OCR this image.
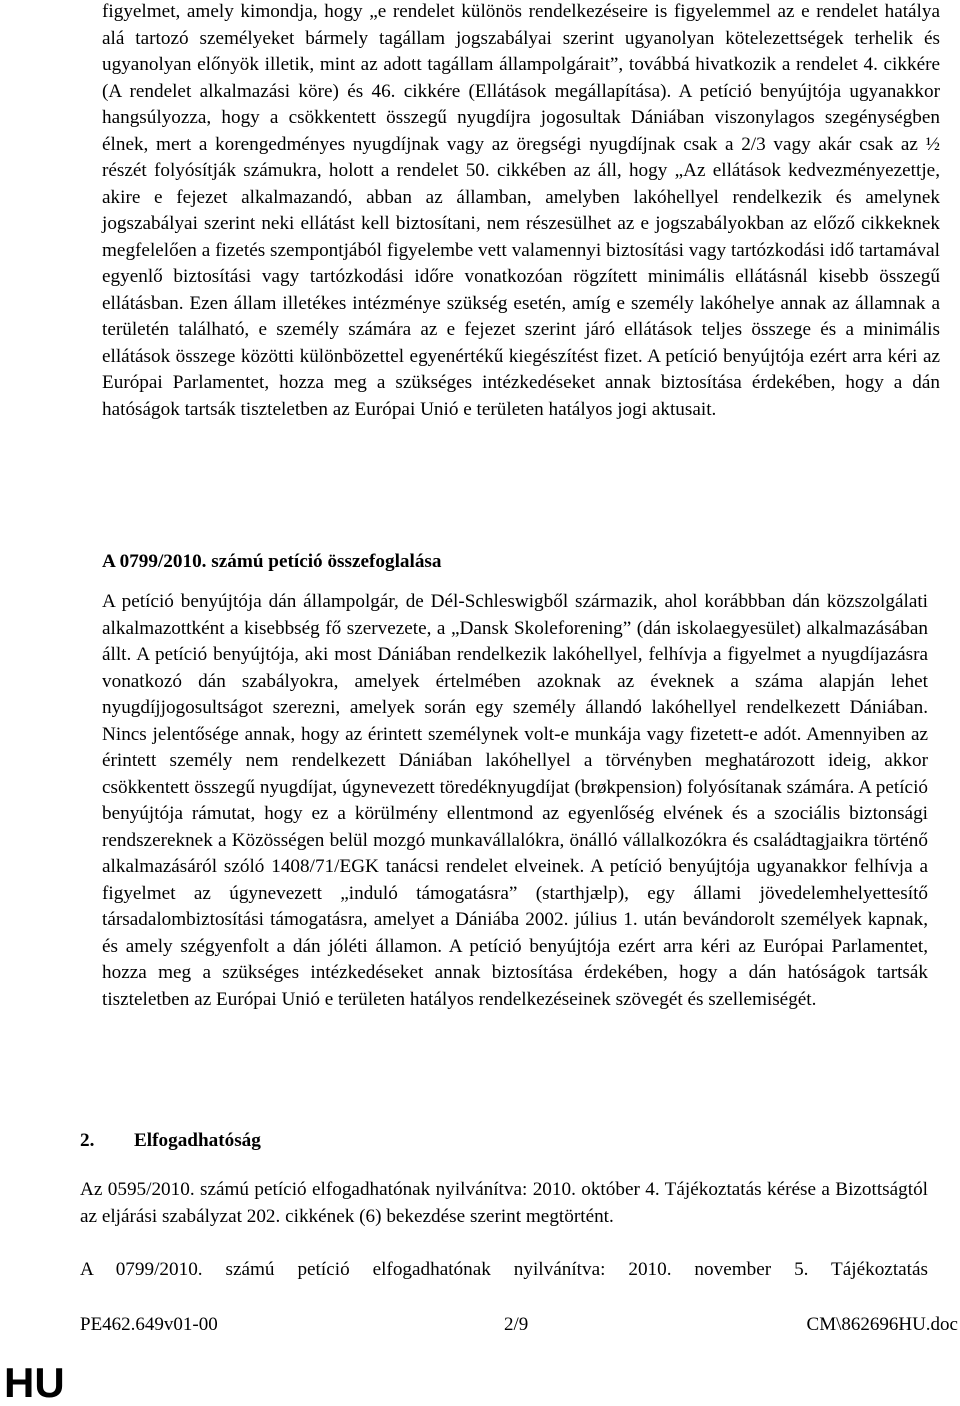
figyelmet, amely kimondja, hogy „e rendelet különös rendelkezéseire is figyelemmel az e rendelet hatálya alá tartozó személyeket bármely tagállam jogszabályai szerint ugyanolyan kötelezettségek terhelik és ugyanolyan előnyök illetik, mint az adott tagállam állampolgárait”, továbbá hivatkozik a rendelet 4. cikkére (A rendelet alkalmazási köre) és 46. cikkére (Ellátások megállapítása). A petíció benyújtója ugyanakkor hangsúlyozza, hogy a csökkentett összegű nyugdíjra jogosultak Dániában viszonylagos szegénységben élnek, mert a korengedményes nyugdíjnak vagy az öregségi nyugdíjnak csak a 2/3 vagy akár csak az ½ részét folyósítják számukra, holott a rendelet 50. cikkében az áll, hogy „Az ellátások kedvezményezettje, akire e fejezet alkalmazandó, abban az államban, amelyben lakóhellyel rendelkezik és amelynek jogszabályai szerint neki ellátást kell biztosítani, nem részesülhet az e jogszabályokban az előző cikkeknek megfelelően a fizetés szempontjából figyelembe vett valamennyi biztosítási vagy tartózkodási idő tartamával egyenlő biztosítási vagy tartózkodási időre vonatkozóan rögzített minimális ellátásnál kisebb összegű ellátásban. Ezen állam illetékes intézménye szükség esetén, amíg e személy lakóhelye annak az államnak a területén található, e személy számára az e fejezet szerint járó ellátások teljes összege és a minimális ellátások összege közötti különbözettel egyenértékű kiegészítést fizet. A petíció benyújtója ezért arra kéri az Európai Parlamentet, hozza meg a szükséges intézkedéseket annak biztosítása érdekében, hogy a dán hatóságok tartsák tiszteletben az Európai Unió e területen hatályos jogi aktusait.

A 0799/2010. számú petíció összefoglalása

A petíció benyújtója dán állampolgár, de Dél-Schleswigből származik, ahol korábbban dán közszolgálati alkalmazottként a kisebbség fő szervezete, a „Dansk Skoleforening” (dán iskolaegyesület) alkalmazásában állt. A petíció benyújtója, aki most Dániában rendelkezik lakóhellyel, felhívja a figyelmet a nyugdíjazásra vonatkozó dán szabályokra, amelyek értelmében azoknak az éveknek a száma alapján lehet nyugdíjjogosultságot szerezni, amelyek során egy személy állandó lakóhellyel rendelkezett Dániában. Nincs jelentősége annak, hogy az érintett személynek volt-e munkája vagy fizetett-e adót. Amennyiben az érintett személy nem rendelkezett Dániában lakóhellyel a törvényben meghatározott ideig, akkor csökkentett összegű nyugdíjat, úgynevezett töredéknyugdíjat (brøkpension) folyósítanak számára. A petíció benyújtója rámutat, hogy ez a körülmény ellentmond az egyenlőség elvének és a szociális biztonsági rendszereknek a Közösségen belül mozgó munkavállalókra, önálló vállalkozókra és családtagjaikra történő alkalmazásáról szóló 1408/71/EGK tanácsi rendelet elveinek. A petíció benyújtója ugyanakkor felhívja a figyelmet az úgynevezett „induló támogatásra” (starthjælp), egy állami jövedelemhelyettesítő társadalombiztosítási támogatásra, amelyet a Dániába 2002. július 1. után bevándorolt személyek kapnak, és amely szégyenfolt a dán jóléti államon. A petíció benyújtója ezért arra kéri az Európai Parlamentet, hozza meg a szükséges intézkedéseket annak biztosítása érdekében, hogy a dán hatóságok tartsák tiszteletben az Európai Unió e területen hatályos rendelkezéseinek szövegét és szellemiségét.

2. Elfogadhatóság

Az 0595/2010. számú petíció elfogadhatónak nyilvánítva: 2010. október 4. Tájékoztatás kérése a Bizottságtól az eljárási szabályzat 202. cikkének (6) bekezdése szerint megtörtént.

A 0799/2010. számú petíció elfogadhatónak nyilvánítva: 2010. november 5. Tájékoztatás

PE462.649v01-00	2/9	CM\862696HU.doc
HU
